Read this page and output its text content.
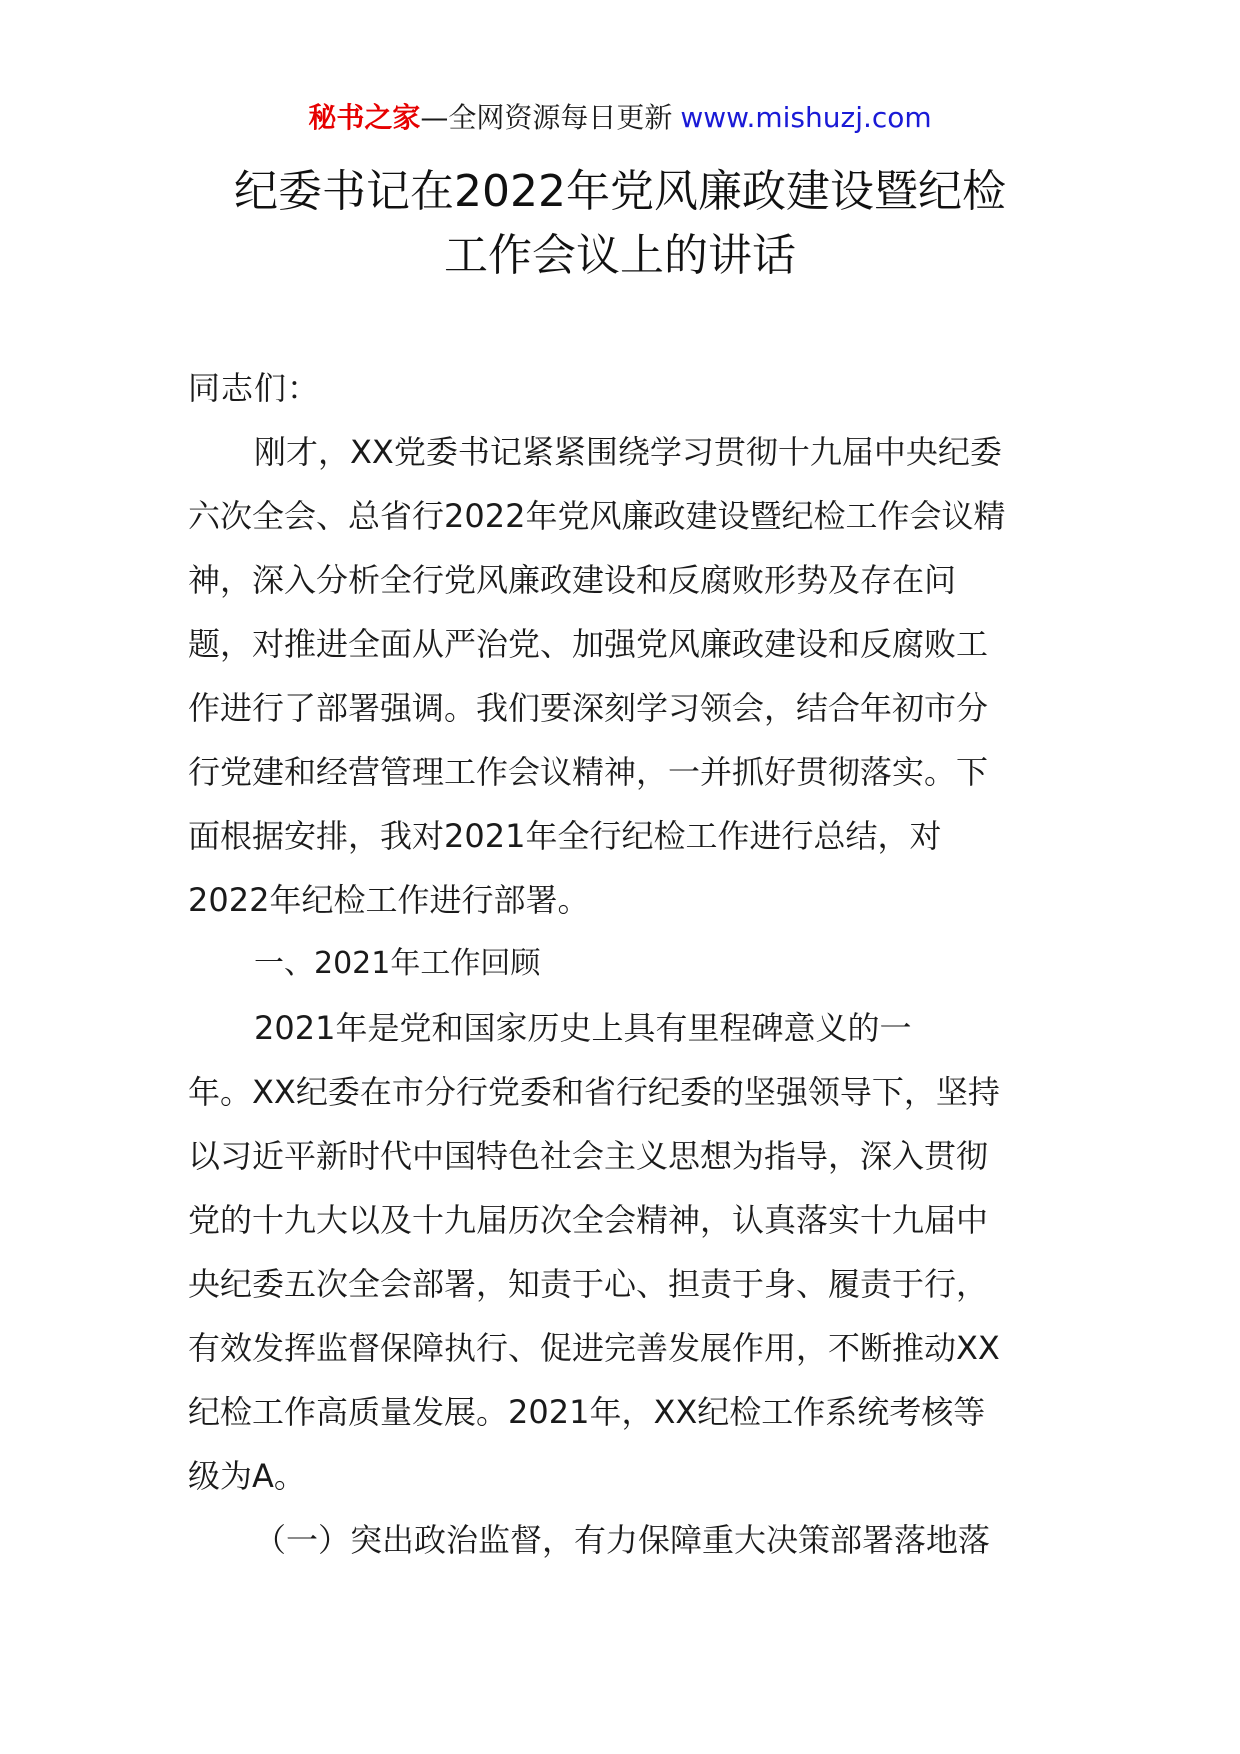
秘书之家—全网资源每日更新 www.mishuzj.com
纪委书记在2022年党风廉政建设暨纪检
工作会议上的讲话
同志们：
刚才，XX党委书记紧紧围绕学习贯彻十九届中央纪委
六次全会、总省行2022年党风廉政建设暨纪检工作会议精
神，深入分析全行党风廉政建设和反腐败形势及存在问
题，对推进全面从严治党、加强党风廉政建设和反腐败工
作进行了部署强调。我们要深刻学习领会，结合年初市分
行党建和经营管理工作会议精神，一并抓好贯彻落实。下
面根据安排，我对2021年全行纪检工作进行总结，对
2022年纪检工作进行部署。
一、2021年工作回顾
2021年是党和国家历史上具有里程碑意义的一
年。XX纪委在市分行党委和省行纪委的坚强领导下，坚持
以习近平新时代中国特色社会主义思想为指导，深入贯彻
党的十九大以及十九届历次全会精神，认真落实十九届中
央纪委五次全会部署，知责于心、担责于身、履责于行，
有效发挥监督保障执行、促进完善发展作用，不断推动XX
纪检工作高质量发展。2021年，XX纪检工作系统考核等
级为A。
（一）突出政治监督，有力保障重大决策部署落地落
